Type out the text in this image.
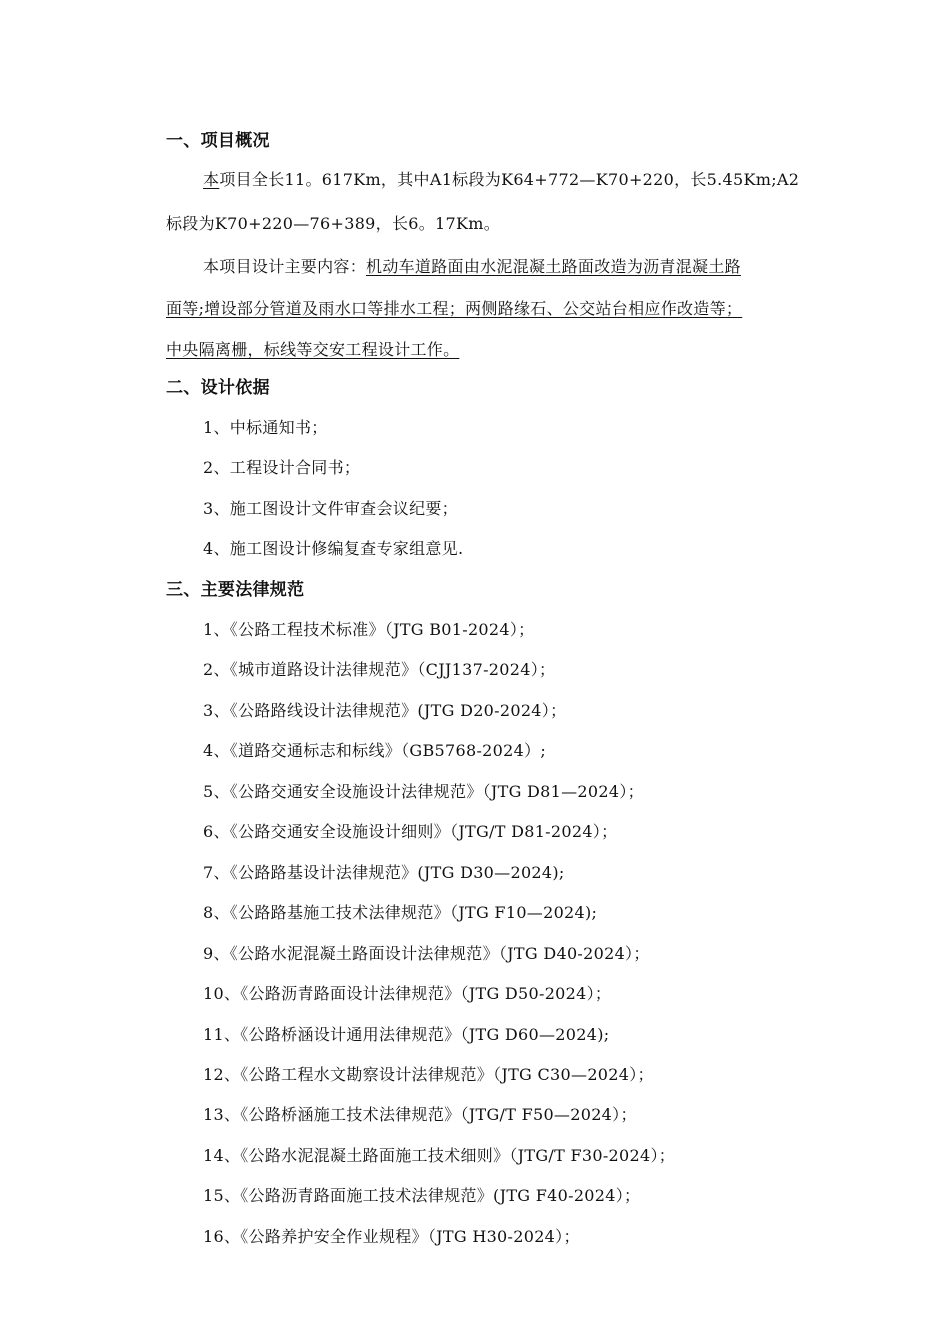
一、项目概况
本项目全长11。617Km，其中A1标段为K64+772—K70+220，长5.45Km;A2
标段为K70+220—76+389，长6。17Km。
本项目设计主要内容：机动车道路面由水泥混凝土路面改造为沥青混凝土路
面等;增设部分管道及雨水口等排水工程；两侧路缘石、公交站台相应作改造等；
中央隔离栅，标线等交安工程设计工作。
二、设计依据
1、中标通知书；
2、工程设计合同书；
3、施工图设计文件审查会议纪要；
4、施工图设计修编复查专家组意见.
三、主要法律规范
1、《公路工程技术标准》（JTG B01-2024）；
2、《城市道路设计法律规范》（CJJ137-2024）；
3、《公路路线设计法律规范》(JTG D20-2024）；
4、《道路交通标志和标线》（GB5768-2024）;
5、《公路交通安全设施设计法律规范》（JTG D81—2024）；
6、《公路交通安全设施设计细则》（JTG/T D81-2024）；
7、《公路路基设计法律规范》(JTG D30—2024);
8、《公路路基施工技术法律规范》（JTG F10—2024);
9、《公路水泥混凝土路面设计法律规范》（JTG D40-2024）；
10、《公路沥青路面设计法律规范》（JTG D50-2024）；
11、《公路桥涵设计通用法律规范》（JTG D60—2024);
12、《公路工程水文勘察设计法律规范》（JTG C30—2024）；
13、《公路桥涵施工技术法律规范》（JTG/T F50—2024）；
14、《公路水泥混凝土路面施工技术细则》（JTG/T F30-2024）；
15、《公路沥青路面施工技术法律规范》(JTG F40-2024）；
16、《公路养护安全作业规程》（JTG H30-2024）；
